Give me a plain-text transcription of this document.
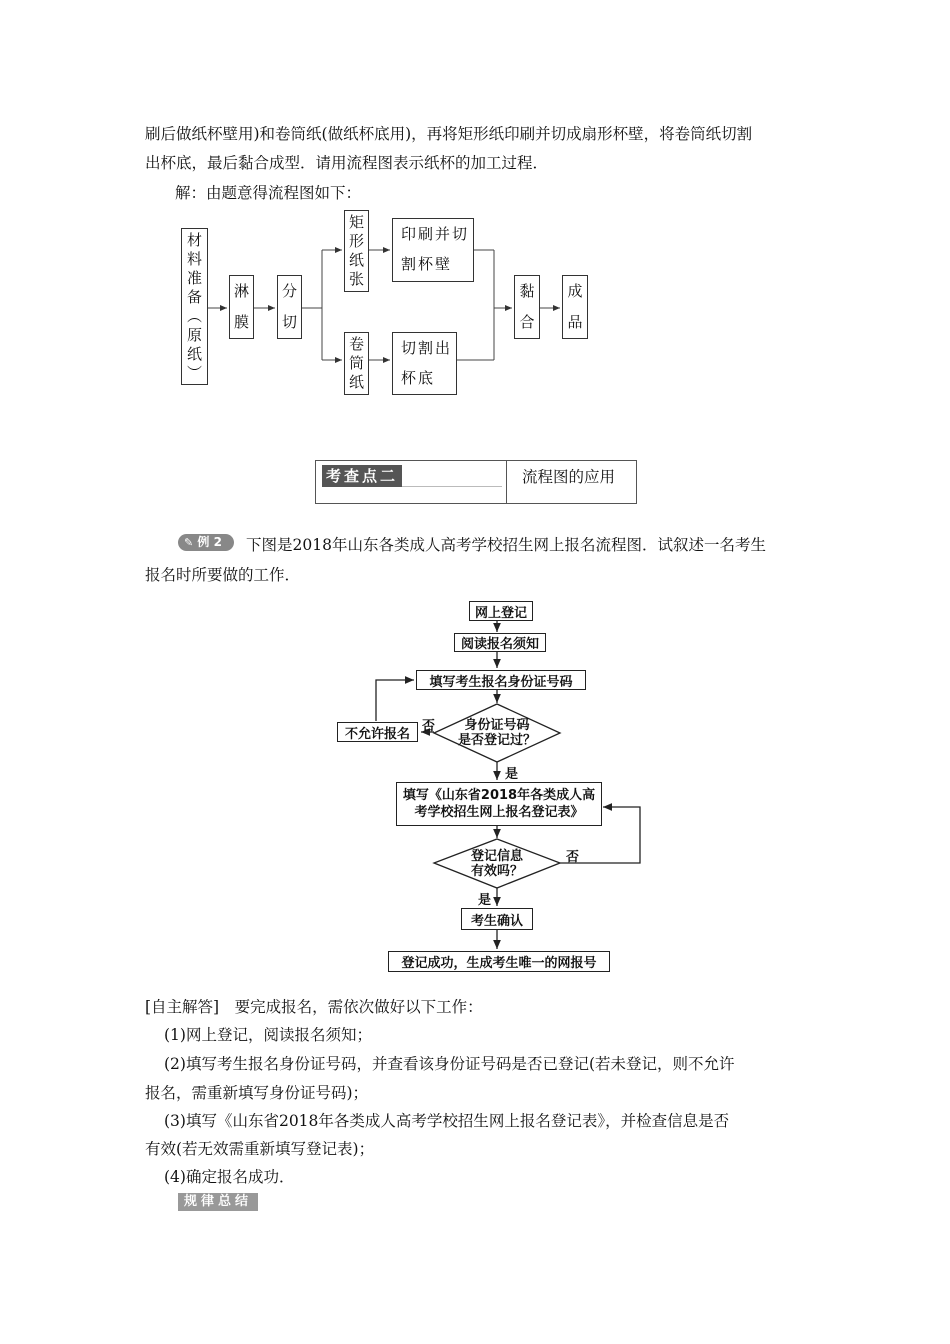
刷后做纸杯壁用)和卷筒纸(做纸杯底用)，再将矩形纸印刷并切成扇形杯壁，将卷筒纸切割
出杯底，最后黏合成型．请用流程图表示纸杯的加工过程．
解：由题意得流程图如下：
材
料
准
备
︵
原
纸
︶
淋
膜
分
切
矩
形
纸
张
卷
筒
纸
印刷并切
割杯壁
切割出
杯底
黏
合
成
品
考查点二	流程图的应用
✎ 例 2	下图是2018年山东各类成人高考学校招生网上报名流程图．试叙述一名考生
报名时所要做的工作．
网上登记
阅读报名须知
填写考生报名身份证号码
身份证号码
是否登记过？
否
不允许报名
是
填写《山东省2018年各类成人高
考学校招生网上报名登记表》
登记信息
有效吗？
否
是
考生确认
登记成功，生成考生唯一的网报号
[自主解答]　要完成报名，需依次做好以下工作：
(1)网上登记，阅读报名须知；
(2)填写考生报名身份证号码，并查看该身份证号码是否已登记(若未登记，则不允许
报名，需重新填写身份证号码)；
(3)填写《山东省2018年各类成人高考学校招生网上报名登记表》，并检查信息是否
有效(若无效需重新填写登记表)；
(4)确定报名成功．
规律总结
